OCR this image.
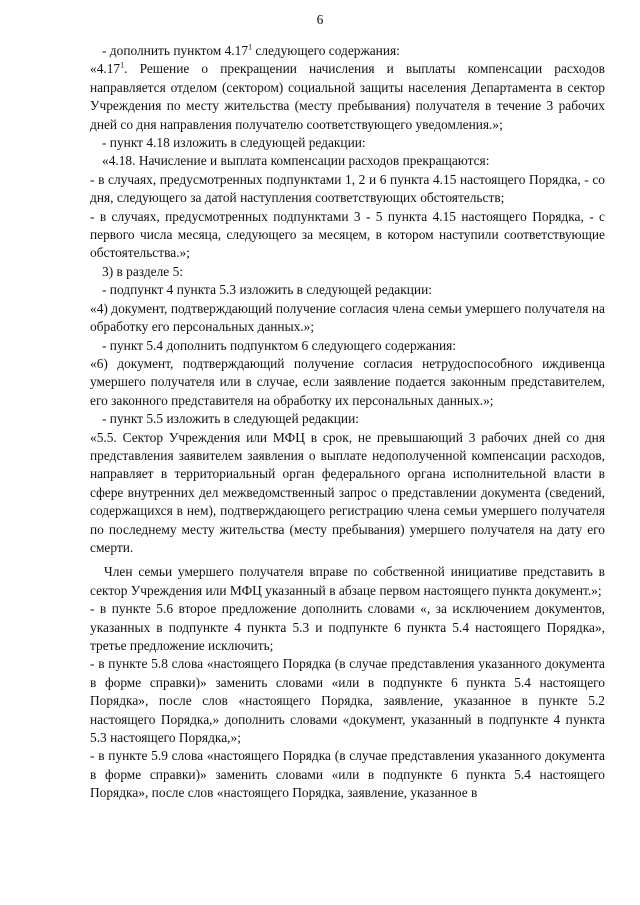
6

- дополнить пунктом 4.17$^1$ следующего содержания:

«4.17$^1$. Решение о прекращении начисления и выплаты компенсации расходов направляется отделом (сектором) социальной защиты населения Департамента в сектор Учреждения по месту жительства (месту пребывания) получателя в течение 3 рабочих дней со дня направления получателю соответствующего уведомления.»;

- пункт 4.18 изложить в следующей редакции:

«4.18. Начисление и выплата компенсации расходов прекращаются:

- в случаях, предусмотренных подпунктами 1, 2 и 6 пункта 4.15 настоящего Порядка, - со дня, следующего за датой наступления соответствующих обстоятельств;

- в случаях, предусмотренных подпунктами 3 - 5 пункта 4.15 настоящего Порядка, - с первого числа месяца, следующего за месяцем, в котором наступили соответствующие обстоятельства.»;

3) в разделе 5:

- подпункт 4 пункта 5.3 изложить в следующей редакции:

«4) документ, подтверждающий получение согласия члена семьи умершего получателя на обработку его персональных данных.»;

- пункт 5.4 дополнить подпунктом 6 следующего содержания:

«6) документ, подтверждающий получение согласия нетрудоспособного иждивенца умершего получателя или в случае, если заявление подается законным представителем, его законного представителя на обработку их персональных данных.»;

- пункт 5.5 изложить в следующей редакции:

«5.5. Сектор Учреждения или МФЦ в срок, не превышающий 3 рабочих дней со дня представления заявителем заявления о выплате недополученной компенсации расходов, направляет в территориальный орган федерального органа исполнительной власти в сфере внутренних дел межведомственный запрос о представлении документа (сведений, содержащихся в нем), подтверждающего регистрацию члена семьи умершего получателя по последнему месту жительства (месту пребывания) умершего получателя на дату его смерти.

Член семьи умершего получателя вправе по собственной инициативе представить в сектор Учреждения или МФЦ указанный в абзаце первом настоящего пункта документ.»;

- в пункте 5.6 второе предложение дополнить словами «, за исключением документов, указанных в подпункте 4 пункта 5.3 и подпункте 6 пункта 5.4 настоящего Порядка», третье предложение исключить;

- в пункте 5.8 слова «настоящего Порядка (в случае представления указанного документа в форме справки)» заменить словами «или в подпункте 6 пункта 5.4 настоящего Порядка», после слов «настоящего Порядка, заявление, указанное в пункте 5.2 настоящего Порядка,» дополнить словами «документ, указанный в подпункте 4 пункта 5.3 настоящего Порядка,»;

- в пункте 5.9 слова «настоящего Порядка (в случае представления указанного документа в форме справки)» заменить словами «или в подпункте 6 пункта 5.4 настоящего Порядка», после слов «настоящего Порядка, заявление, указанное в
